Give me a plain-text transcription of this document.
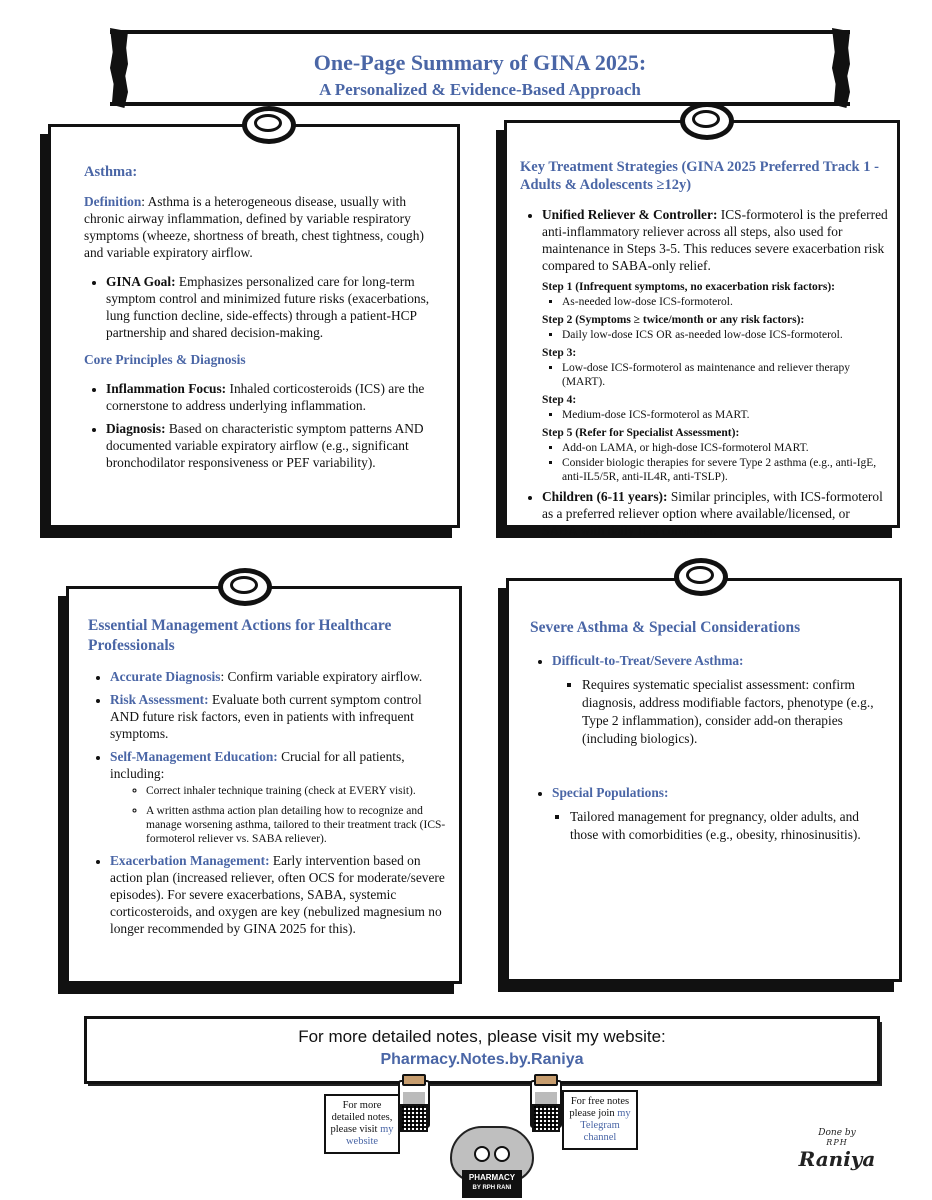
One-Page Summary of GINA 2025:
A Personalized & Evidence-Based Approach

Asthma:

Definition: Asthma is a heterogeneous disease, usually with chronic airway inflammation, defined by variable respiratory symptoms (wheeze, shortness of breath, chest tightness, cough) and variable expiratory airflow.

• GINA Goal: Emphasizes personalized care for long-term symptom control and minimized future risks (exacerbations, lung function decline, side-effects) through a patient-HCP partnership and shared decision-making.

Core Principles & Diagnosis

• Inflammation Focus: Inhaled corticosteroids (ICS) are the cornerstone to address underlying inflammation.
• Diagnosis: Based on characteristic symptom patterns AND documented variable expiratory airflow (e.g., significant bronchodilator responsiveness or PEF variability).

Key Treatment Strategies (GINA 2025 Preferred Track 1 - Adults & Adolescents ≥12y)

• Unified Reliever & Controller: ICS-formoterol is the preferred anti-inflammatory reliever across all steps, also used for maintenance in Steps 3-5. This reduces severe exacerbation risk compared to SABA-only relief.
Step 1 (Infrequent symptoms, no exacerbation risk factors):
▪ As-needed low-dose ICS-formoterol.
Step 2 (Symptoms ≥ twice/month or any risk factors):
▪ Daily low-dose ICS OR as-needed low-dose ICS-formoterol.
Step 3:
▪ Low-dose ICS-formoterol as maintenance and reliever therapy (MART).
Step 4:
▪ Medium-dose ICS-formoterol as MART.
Step 5 (Refer for Specialist Assessment):
▪ Add-on LAMA, or high-dose ICS-formoterol MART.
▪ Consider biologic therapies for severe Type 2 asthma (e.g., anti-IgE, anti-IL5/5R, anti-IL4R, anti-TSLP).
• Children (6-11 years): Similar principles, with ICS-formoterol as a preferred reliever option where available/licensed, or SABA with daily ICS controller.

Essential Management Actions for Healthcare Professionals

• Accurate Diagnosis: Confirm variable expiratory airflow.
• Risk Assessment: Evaluate both current symptom control AND future risk factors, even in patients with infrequent symptoms.
• Self-Management Education: Crucial for all patients, including:
◦ Correct inhaler technique training (check at EVERY visit).
◦ A written asthma action plan detailing how to recognize and manage worsening asthma, tailored to their treatment track (ICS-formoterol reliever vs. SABA reliever).
• Exacerbation Management: Early intervention based on action plan (increased reliever, often OCS for moderate/severe episodes). For severe exacerbations, SABA, systemic corticosteroids, and oxygen are key (nebulized magnesium no longer recommended by GINA 2025 for this).

Severe Asthma & Special Considerations

• Difficult-to-Treat/Severe Asthma:
▪ Requires systematic specialist assessment: confirm diagnosis, address modifiable factors, phenotype (e.g., Type 2 inflammation), consider add-on therapies (including biologics).
• Special Populations:
▪ Tailored management for pregnancy, older adults, and those with comorbidities (e.g., obesity, rhinosinusitis).
For more detailed notes, please visit my website:
Pharmacy.Notes.by.Raniya
For more detailed notes, please visit my
website
For free notes please join my
Telegram channel
PHARMACY
BY RPH RANI
Done by
RPH
Raniya
